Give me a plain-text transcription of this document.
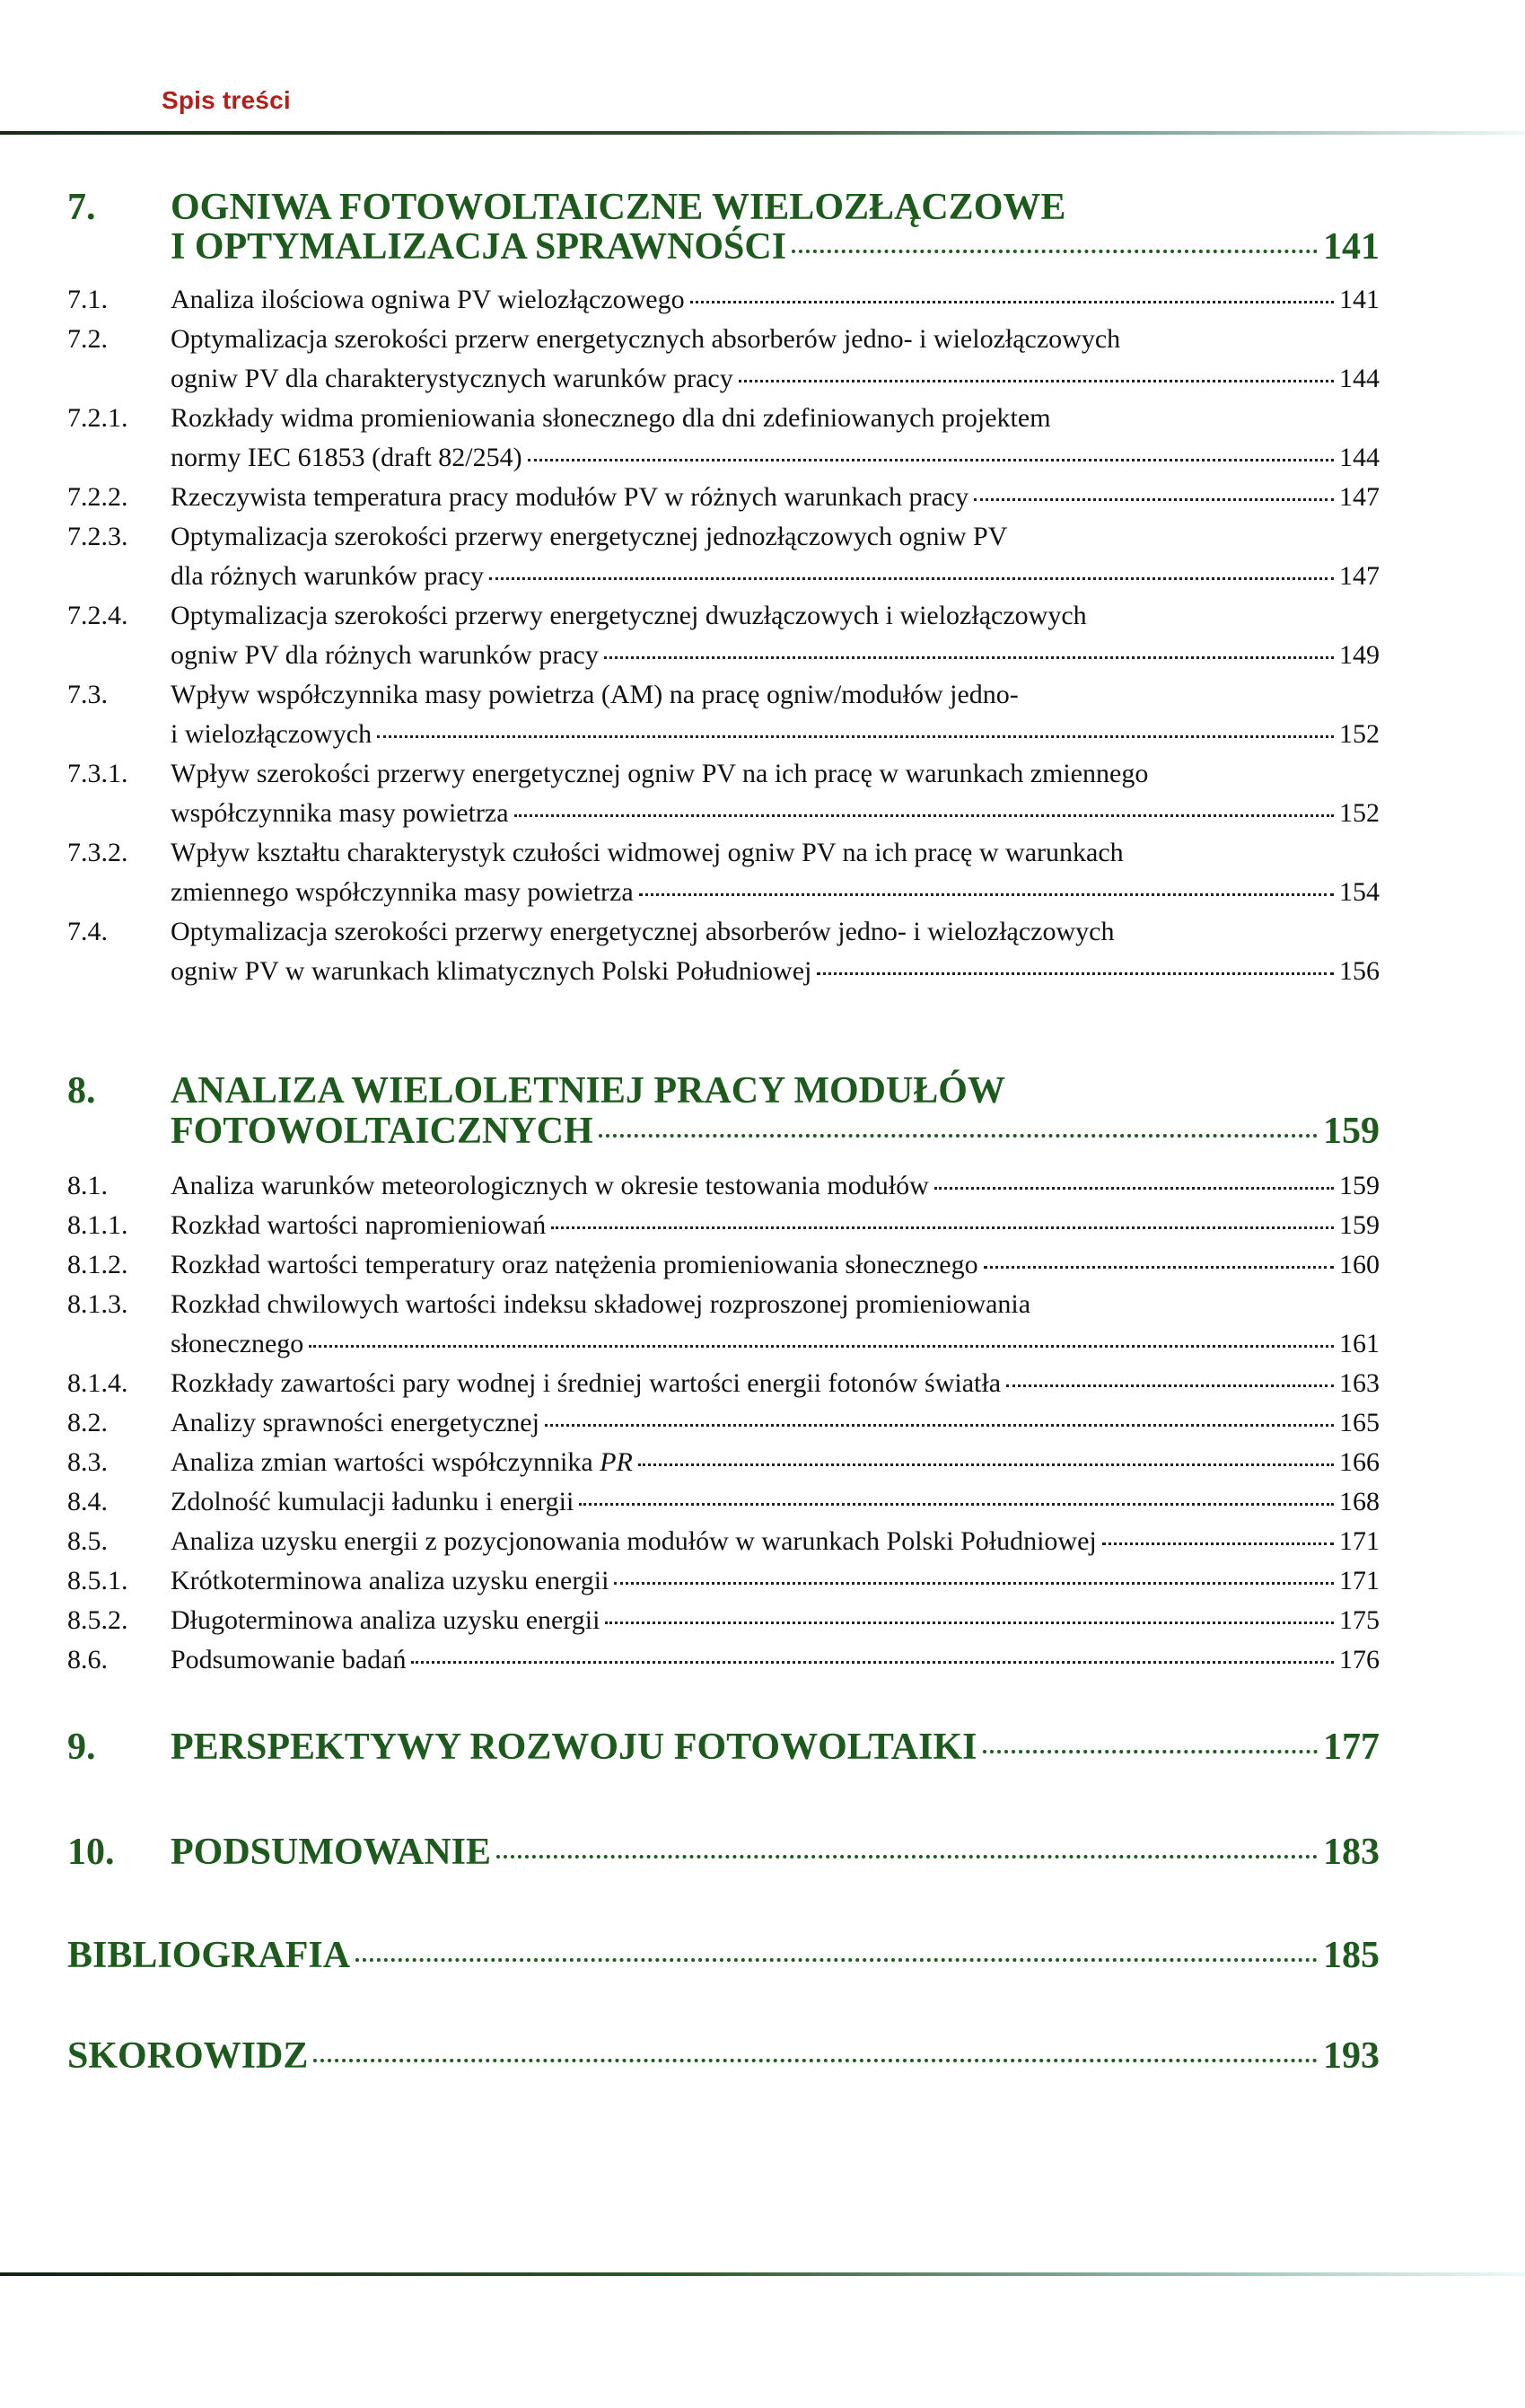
Spis treści
7. OGNIWA FOTOWOLTAICZNE WIELOZŁĄCZOWE
I OPTYMALIZACJA SPRAWNOŚCI	141
7.1. Analiza ilościowa ogniwa PV wielozłączowego	141
7.2. Optymalizacja szerokości przerw energetycznych absorberów jedno- i wielozłączowych
ogniw PV dla charakterystycznych warunków pracy	144
7.2.1. Rozkłady widma promieniowania słonecznego dla dni zdefiniowanych projektem
normy IEC 61853 (draft 82/254)	144
7.2.2. Rzeczywista temperatura pracy modułów PV w różnych warunkach pracy	147
7.2.3. Optymalizacja szerokości przerwy energetycznej jednozłączowych ogniw PV
dla różnych warunków pracy	147
7.2.4. Optymalizacja szerokości przerwy energetycznej dwuzłączowych i wielozłączowych
ogniw PV dla różnych warunków pracy	149
7.3. Wpływ współczynnika masy powietrza (AM) na pracę ogniw/modułów jedno-
i wielozłączowych	152
7.3.1. Wpływ szerokości przerwy energetycznej ogniw PV na ich pracę w warunkach zmiennego
współczynnika masy powietrza	152
7.3.2. Wpływ kształtu charakterystyk czułości widmowej ogniw PV na ich pracę w warunkach
zmiennego współczynnika masy powietrza	154
7.4. Optymalizacja szerokości przerwy energetycznej absorberów jedno- i wielozłączowych
ogniw PV w warunkach klimatycznych Polski Południowej	156
8. ANALIZA WIELOLETNIEJ PRACY MODUŁÓW
FOTOWOLTAICZNYCH	159
8.1. Analiza warunków meteorologicznych w okresie testowania modułów	159
8.1.1. Rozkład wartości napromieniowań	159
8.1.2. Rozkład wartości temperatury oraz natężenia promieniowania słonecznego	160
8.1.3. Rozkład chwilowych wartości indeksu składowej rozproszonej promieniowania
słonecznego	161
8.1.4. Rozkłady zawartości pary wodnej i średniej wartości energii fotonów światła	163
8.2. Analizy sprawności energetycznej	165
8.3. Analiza zmian wartości współczynnika PR	166
8.4. Zdolność kumulacji ładunku i energii	168
8.5. Analiza uzysku energii z pozycjonowania modułów w warunkach Polski Południowej	171
8.5.1. Krótkoterminowa analiza uzysku energii	171
8.5.2. Długoterminowa analiza uzysku energii	175
8.6. Podsumowanie badań	176
9. PERSPEKTYWY ROZWOJU FOTOWOLTAIKI	177
10. PODSUMOWANIE	183
BIBLIOGRAFIA	185
SKOROWIDZ	193
